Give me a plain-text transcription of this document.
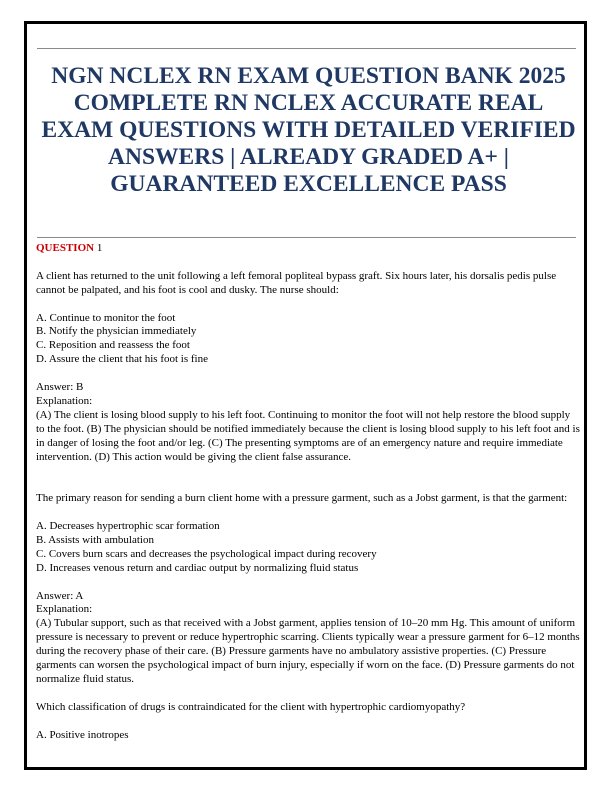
NGN NCLEX RN EXAM QUESTION BANK 2025
COMPLETE RN NCLEX ACCURATE REAL
EXAM QUESTIONS WITH DETAILED VERIFIED
ANSWERS | ALREADY GRADED A+ |
GUARANTEED EXCELLENCE PASS

QUESTION 1

A client has returned to the unit following a left femoral popliteal bypass graft. Six hours later, his dorsalis pedis pulse cannot be palpated, and his foot is cool and dusky. The nurse should:

A. Continue to monitor the foot

B. Notify the physician immediately

C. Reposition and reassess the foot

D. Assure the client that his foot is fine

Answer: B

Explanation:

(A) The client is losing blood supply to his left foot. Continuing to monitor the foot will not help restore the blood supply to the foot. (B) The physician should be notified immediately because the client is losing blood supply to his left foot and is in danger of losing the foot and/or leg. (C) The presenting symptoms are of an emergency nature and require immediate intervention. (D) This action would be giving the client false assurance.

The primary reason for sending a burn client home with a pressure garment, such as a Jobst garment, is that the garment:

A. Decreases hypertrophic scar formation

B. Assists with ambulation

C. Covers burn scars and decreases the psychological impact during recovery

D. Increases venous return and cardiac output by normalizing fluid status

Answer: A

Explanation:

(A) Tubular support, such as that received with a Jobst garment, applies tension of 10–20 mm Hg. This amount of uniform pressure is necessary to prevent or reduce hypertrophic scarring. Clients typically wear a pressure garment for 6–12 months during the recovery phase of their care. (B) Pressure garments have no ambulatory assistive properties. (C) Pressure garments can worsen the psychological impact of burn injury, especially if worn on the face. (D) Pressure garments do not normalize fluid status.

Which classification of drugs is contraindicated for the client with hypertrophic cardiomyopathy?

A. Positive inotropes
